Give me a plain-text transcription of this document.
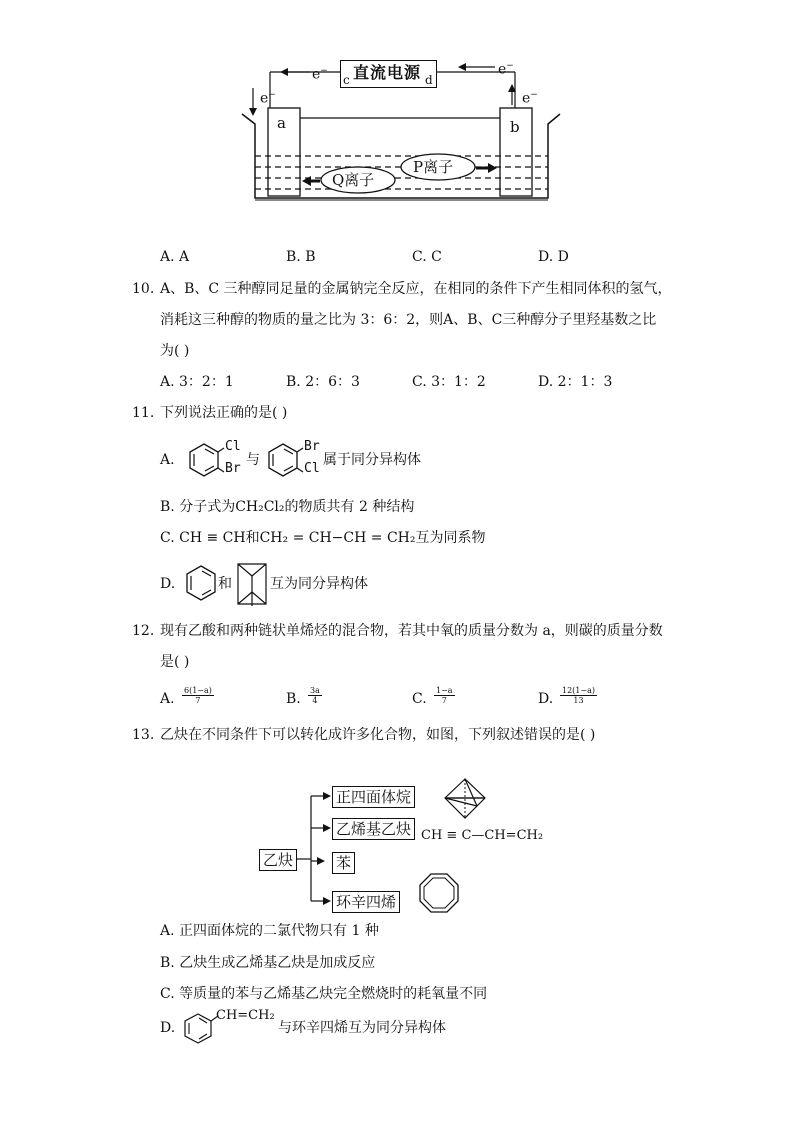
c 直流电源 d
e−	e−
e−	e−
a	b
Q离子
P离子
A. A	B. B	C. C	D. D
10. A、B、C 三种醇同足量的金属钠完全反应，在相同的条件下产生相同体积的氢气，
消耗这三种醇的物质的量之比为 3：6：2，则A、B、C三种醇分子里羟基数之比
为( )
A. 3：2：1	B. 2：6：3	C. 3：1：2	D. 2：1：3
11. 下列说法正确的是( )
A.
Cl
Br
与
Br
Cl
属于同分异构体
B. 分子式为CH₂Cl₂的物质共有 2 种结构
C. CH ≡ CH和CH₂ = CH−CH = CH₂互为同系物
D.	和	互为同分异构体
12. 现有乙酸和两种链状单烯烃的混合物，若其中氧的质量分数为 a，则碳的质量分数
是( )
A. $\frac{6(1-a)}{7}$	B. $\frac{3a}{4}$	C. $\frac{1-a}{7}$	D. $\frac{12(1-a)}{13}$
13. 乙炔在不同条件下可以转化成许多化合物，如图，下列叙述错误的是( )
乙炔
正四面体烷
乙烯基乙炔
苯
环辛四烯
CH ≡ C—CH=CH₂
A. 正四面体烷的二氯代物只有 1 种
B. 乙炔生成乙烯基乙炔是加成反应
C. 等质量的苯与乙烯基乙炔完全燃烧时的耗氧量不同
D.
CH=CH₂
与环辛四烯互为同分异构体
